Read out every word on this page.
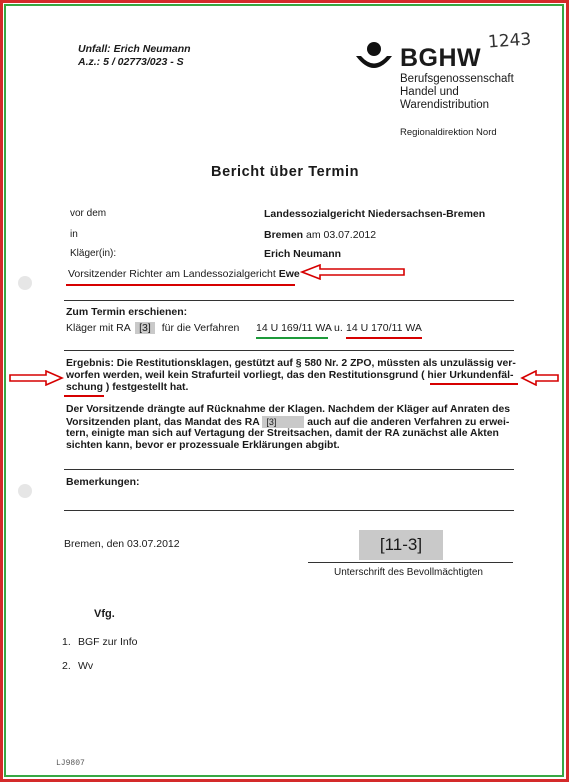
Unfall: Erich Neumann
A.z.: 5 / 02773/023 - S
1243
BGHW
Berufsgenossenschaft
Handel und
Warendistribution
Regionaldirektion Nord
Bericht über Termin
vor dem	Landessozialgericht Niedersachsen-Bremen
in	Bremen am 03.07.2012
Kläger(in):	Erich Neumann
Vorsitzender Richter am Landessozialgericht Ewe
Zum Termin erschienen:
Kläger mit RA [3] für die Verfahren 14 U 169/11 WA u. 14 U 170/11 WA
Ergebnis: Die Restitutionsklagen, gestützt auf § 580 Nr. 2 ZPO, müssten als unzulässig ver-
worfen werden, weil kein Strafurteil vorliegt, das den Restitutionsgrund ( hier Urkundenfäl-
schung ) festgestellt hat.
Der Vorsitzende drängte auf Rücknahme der Klagen. Nachdem der Kläger auf Anraten des
Vorsitzenden plant, das Mandat des RA [3]	auch auf die anderen Verfahren zu erwei-
tern, einigte man sich auf Vertagung der Streitsachen, damit der RA zunächst alle Akten
sichten kann, bevor er prozessuale Erklärungen abgibt.
Bemerkungen:
Bremen, den 03.07.2012	[11-3]
Unterschrift des Bevollmächtigten
Vfg.
1. BGF zur Info
2. Wv
LJ9807
